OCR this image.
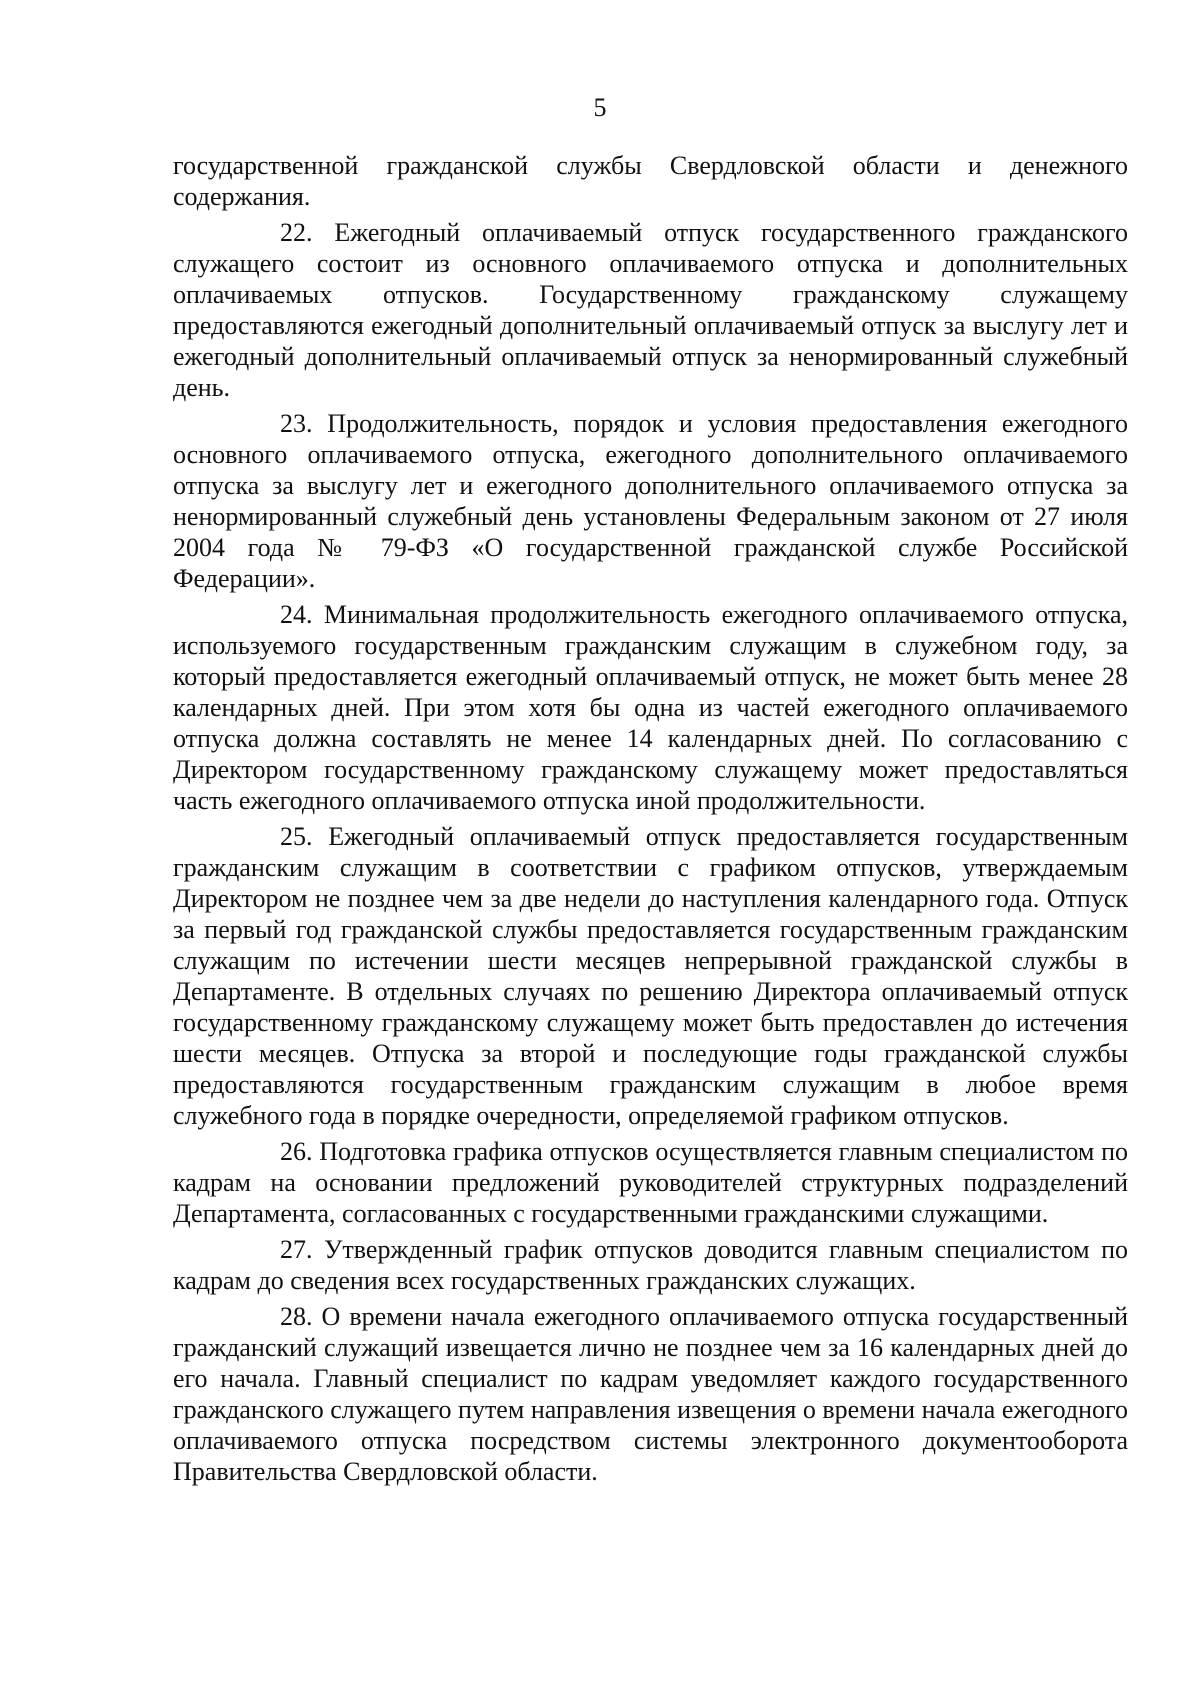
5

государственной гражданской службы Свердловской области и денежного содержания.

22. Ежегодный оплачиваемый отпуск государственного гражданского служащего состоит из основного оплачиваемого отпуска и дополнительных оплачиваемых отпусков. Государственному гражданскому служащему предоставляются ежегодный дополнительный оплачиваемый отпуск за выслугу лет и ежегодный дополнительный оплачиваемый отпуск за ненормированный служебный день.

23. Продолжительность, порядок и условия предоставления ежегодного основного оплачиваемого отпуска, ежегодного дополнительного оплачиваемого отпуска за выслугу лет и ежегодного дополнительного оплачиваемого отпуска за ненормированный служебный день установлены Федеральным законом от 27 июля 2004 года № 79-ФЗ «О государственной гражданской службе Российской Федерации».

24. Минимальная продолжительность ежегодного оплачиваемого отпуска, используемого государственным гражданским служащим в служебном году, за который предоставляется ежегодный оплачиваемый отпуск, не может быть менее 28 календарных дней. При этом хотя бы одна из частей ежегодного оплачиваемого отпуска должна составлять не менее 14 календарных дней. По согласованию с Директором государственному гражданскому служащему может предоставляться часть ежегодного оплачиваемого отпуска иной продолжительности.

25. Ежегодный оплачиваемый отпуск предоставляется государственным гражданским служащим в соответствии с графиком отпусков, утверждаемым Директором не позднее чем за две недели до наступления календарного года. Отпуск за первый год гражданской службы предоставляется государственным гражданским служащим по истечении шести месяцев непрерывной гражданской службы в Департаменте. В отдельных случаях по решению Директора оплачиваемый отпуск государственному гражданскому служащему может быть предоставлен до истечения шести месяцев. Отпуска за второй и последующие годы гражданской службы предоставляются государственным гражданским служащим в любое время служебного года в порядке очередности, определяемой графиком отпусков.

26. Подготовка графика отпусков осуществляется главным специалистом по кадрам на основании предложений руководителей структурных подразделений Департамента, согласованных с государственными гражданскими служащими.

27. Утвержденный график отпусков доводится главным специалистом по кадрам до сведения всех государственных гражданских служащих.

28. О времени начала ежегодного оплачиваемого отпуска государственный гражданский служащий извещается лично не позднее чем за 16 календарных дней до его начала. Главный специалист по кадрам уведомляет каждого государственного гражданского служащего путем направления извещения о времени начала ежегодного оплачиваемого отпуска посредством системы электронного документооборота Правительства Свердловской области.
